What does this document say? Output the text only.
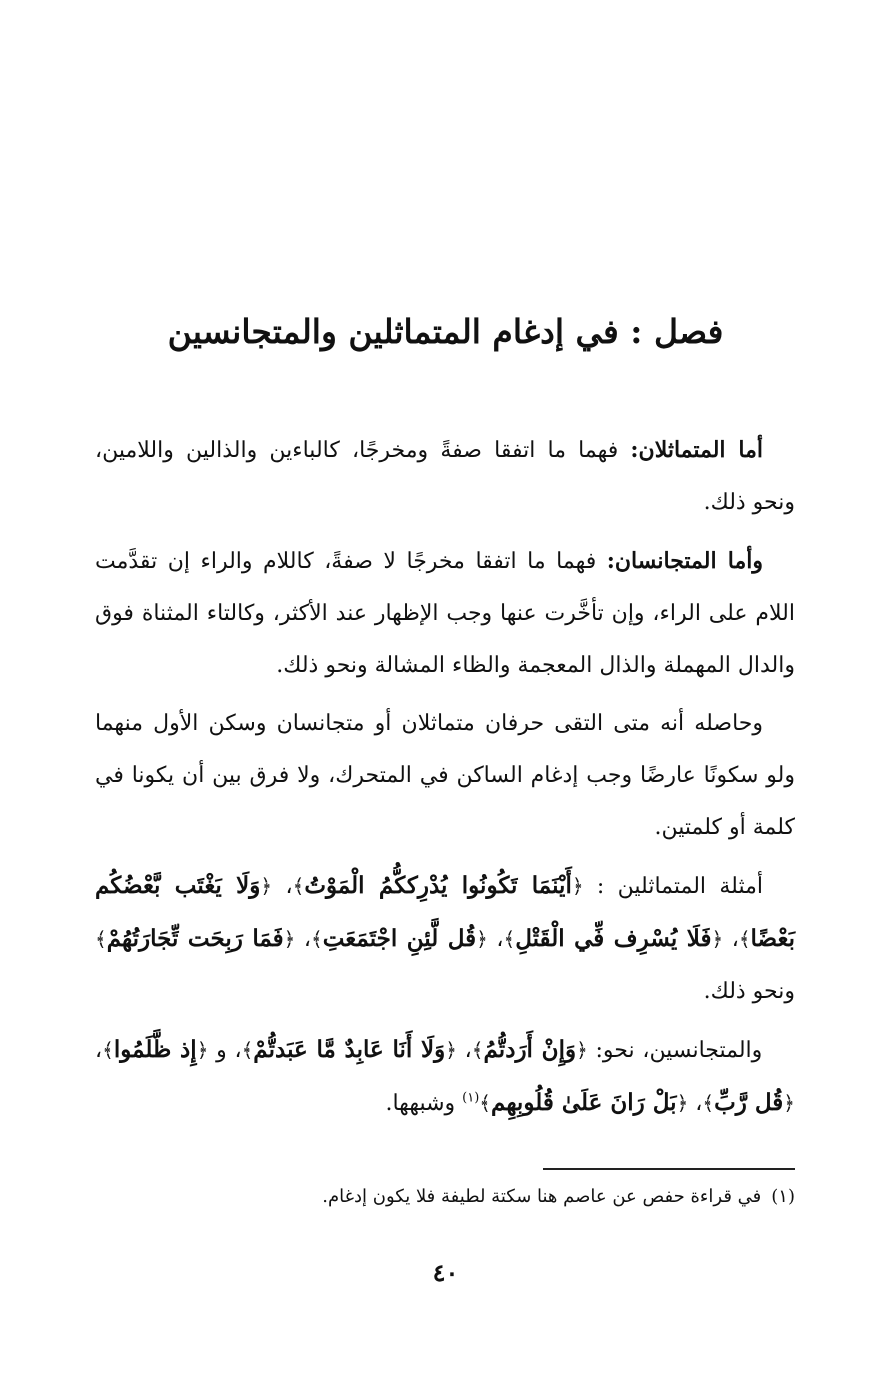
فصل : في إدغام المتماثلين والمتجانسين

أما المتماثلان: فهما ما اتفقا صفةً ومخرجًا، كالباءين والذالين واللامين، ونحو ذلك.

وأما المتجانسان: فهما ما اتفقا مخرجًا لا صفةً، كاللام والراء إن تقدَّمت اللام على الراء، وإن تأخَّرت عنها وجب الإظهار عند الأكثر، وكالتاء المثناة فوق والدال المهملة والذال المعجمة والظاء المشالة ونحو ذلك.

وحاصله أنه متى التقى حرفان متماثلان أو متجانسان وسكن الأول منهما ولو سكونًا عارضًا وجب إدغام الساكن في المتحرك، ولا فرق بين أن يكونا في كلمة أو كلمتين.

أمثلة المتماثلين : ﴿أَيْنَمَا تَكُونُوا يُدْرِككُّمُ الْمَوْتُ﴾، ﴿وَلَا يَغْتَب بَّعْضُكُم بَعْضًا﴾، ﴿فَلَا يُسْرِف فِّي الْقَتْلِ﴾، ﴿قُل لَّئِنِ اجْتَمَعَتِ﴾، ﴿فَمَا رَبِحَت تِّجَارَتُهُمْ﴾ ونحو ذلك.

والمتجانسين، نحو: ﴿وَإِنْ أَرَدتُّمُ﴾، ﴿وَلَا أَنَا عَابِدٌ مَّا عَبَدتُّمْ﴾، و ﴿إِذ ظَّلَمُوا﴾، ﴿قُل رَّبِّ﴾، ﴿بَلْ رَانَ عَلَىٰ قُلُوبِهِم﴾$^{(١)}$ وشبهها.

(١)في قراءة حفص عن عاصم هنا سكتة لطيفة فلا يكون إدغام.

٤٠
